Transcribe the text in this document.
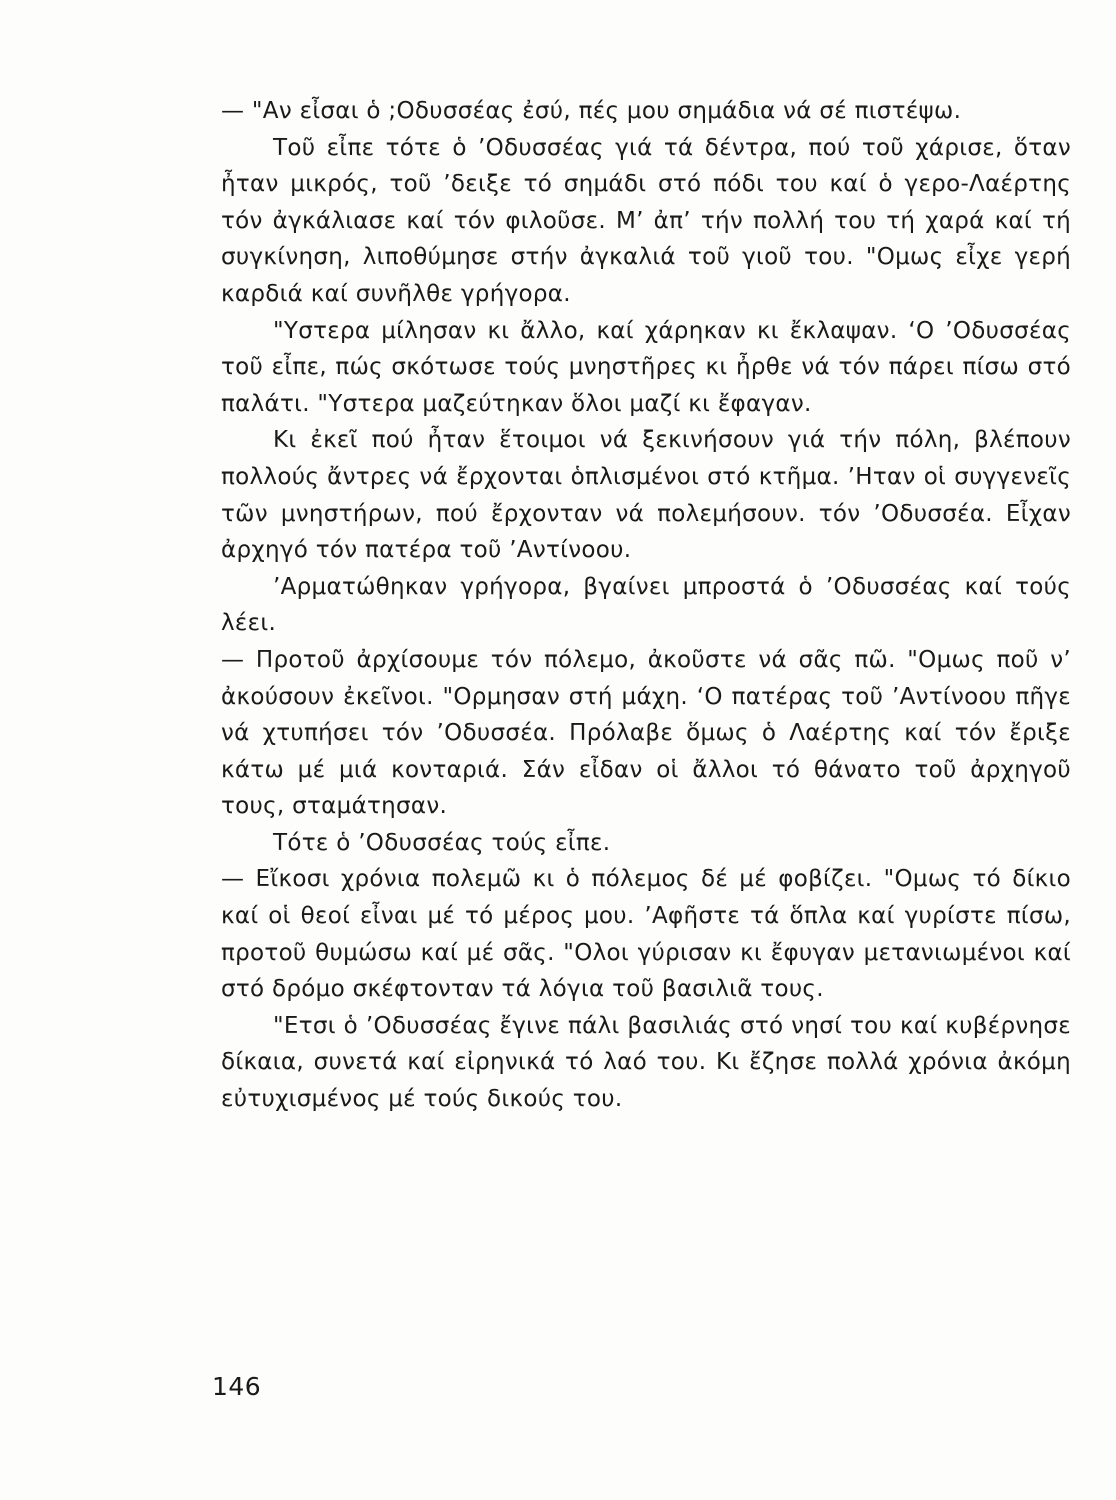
— "Αν εἶσαι ὁ ;Οδυσσέας ἐσύ, πές μου σημάδια νά σέ πιστέψω.

Τοῦ εἶπε τότε ὁ ’Οδυσσέας γιά τά δέντρα, πού τοῦ χάρισε, ὅταν ἦταν μικρός, τοῦ ’δειξε τό σημάδι στό πόδι του καί ὁ γερο-Λαέρτης τόν ἀγκάλιασε καί τόν φιλοῦσε. Μ’ ἀπ’ τήν πολλή του τή χαρά καί τή συγκίνηση, λιποθύμησε στήν ἀγκαλιά τοῦ γιοῦ του. "Ομως εἶχε γερή καρδιά καί συνῆλθε γρήγορα.

"Υστερα μίλησαν κι ἄλλο, καί χάρηκαν κι ἔκλαψαν. ‘Ο ’Οδυσσέας τοῦ εἶπε, πώς σκότωσε τούς μνηστῆρες κι ἦρθε νά τόν πάρει πίσω στό παλάτι. "Υστερα μαζεύτηκαν ὅλοι μαζί κι ἔφαγαν.

Κι ἐκεῖ πού ἦταν ἕτοιμοι νά ξεκινήσουν γιά τήν πόλη, βλέπουν πολλούς ἄντρες νά ἔρχονται ὁπλισμένοι στό κτῆμα. ’Ηταν οἱ συγγενεῖς τῶν μνηστήρων, πού ἔρχονταν νά πολεμήσουν. τόν ’Οδυσσέα. Εἶχαν ἀρχηγό τόν πατέρα τοῦ ’Αντίνοου.

’Αρματώθηκαν γρήγορα, βγαίνει μπροστά ὁ ’Οδυσσέας καί τούς λέει.

— Προτοῦ ἀρχίσουμε τόν πόλεμο, ἀκοῦστε νά σᾶς πῶ. "Ομως ποῦ ν’ ἀκούσουν ἐκεῖνοι. "Ορμησαν στή μάχη. ‘Ο πατέρας τοῦ ’Αντίνοου πῆγε νά χτυπήσει τόν ’Οδυσσέα. Πρόλαβε ὅμως ὁ Λαέρτης καί τόν ἔριξε κάτω μέ μιά κονταριά. Σάν εἶδαν οἱ ἄλλοι τό θάνατο τοῦ ἀρχηγοῦ τους, σταμάτησαν.

Τότε ὁ ’Οδυσσέας τούς εἶπε.

— Εἴκοσι χρόνια πολεμῶ κι ὁ πόλεμος δέ μέ φοβίζει. "Ομως τό δίκιο καί οἱ θεοί εἶναι μέ τό μέρος μου. ’Αφῆστε τά ὅπλα καί γυρίστε πίσω, προτοῦ θυμώσω καί μέ σᾶς. "Ολοι γύρισαν κι ἔφυγαν μετανιωμένοι καί στό δρόμο σκέφτονταν τά λόγια τοῦ βασιλιᾶ τους.

"Ετσι ὁ ’Οδυσσέας ἔγινε πάλι βασιλιάς στό νησί του καί κυβέρνησε δίκαια, συνετά καί εἰρηνικά τό λαό του. Κι ἔζησε πολλά χρόνια ἀκόμη εὐτυχισμένος μέ τούς δικούς του.

146
